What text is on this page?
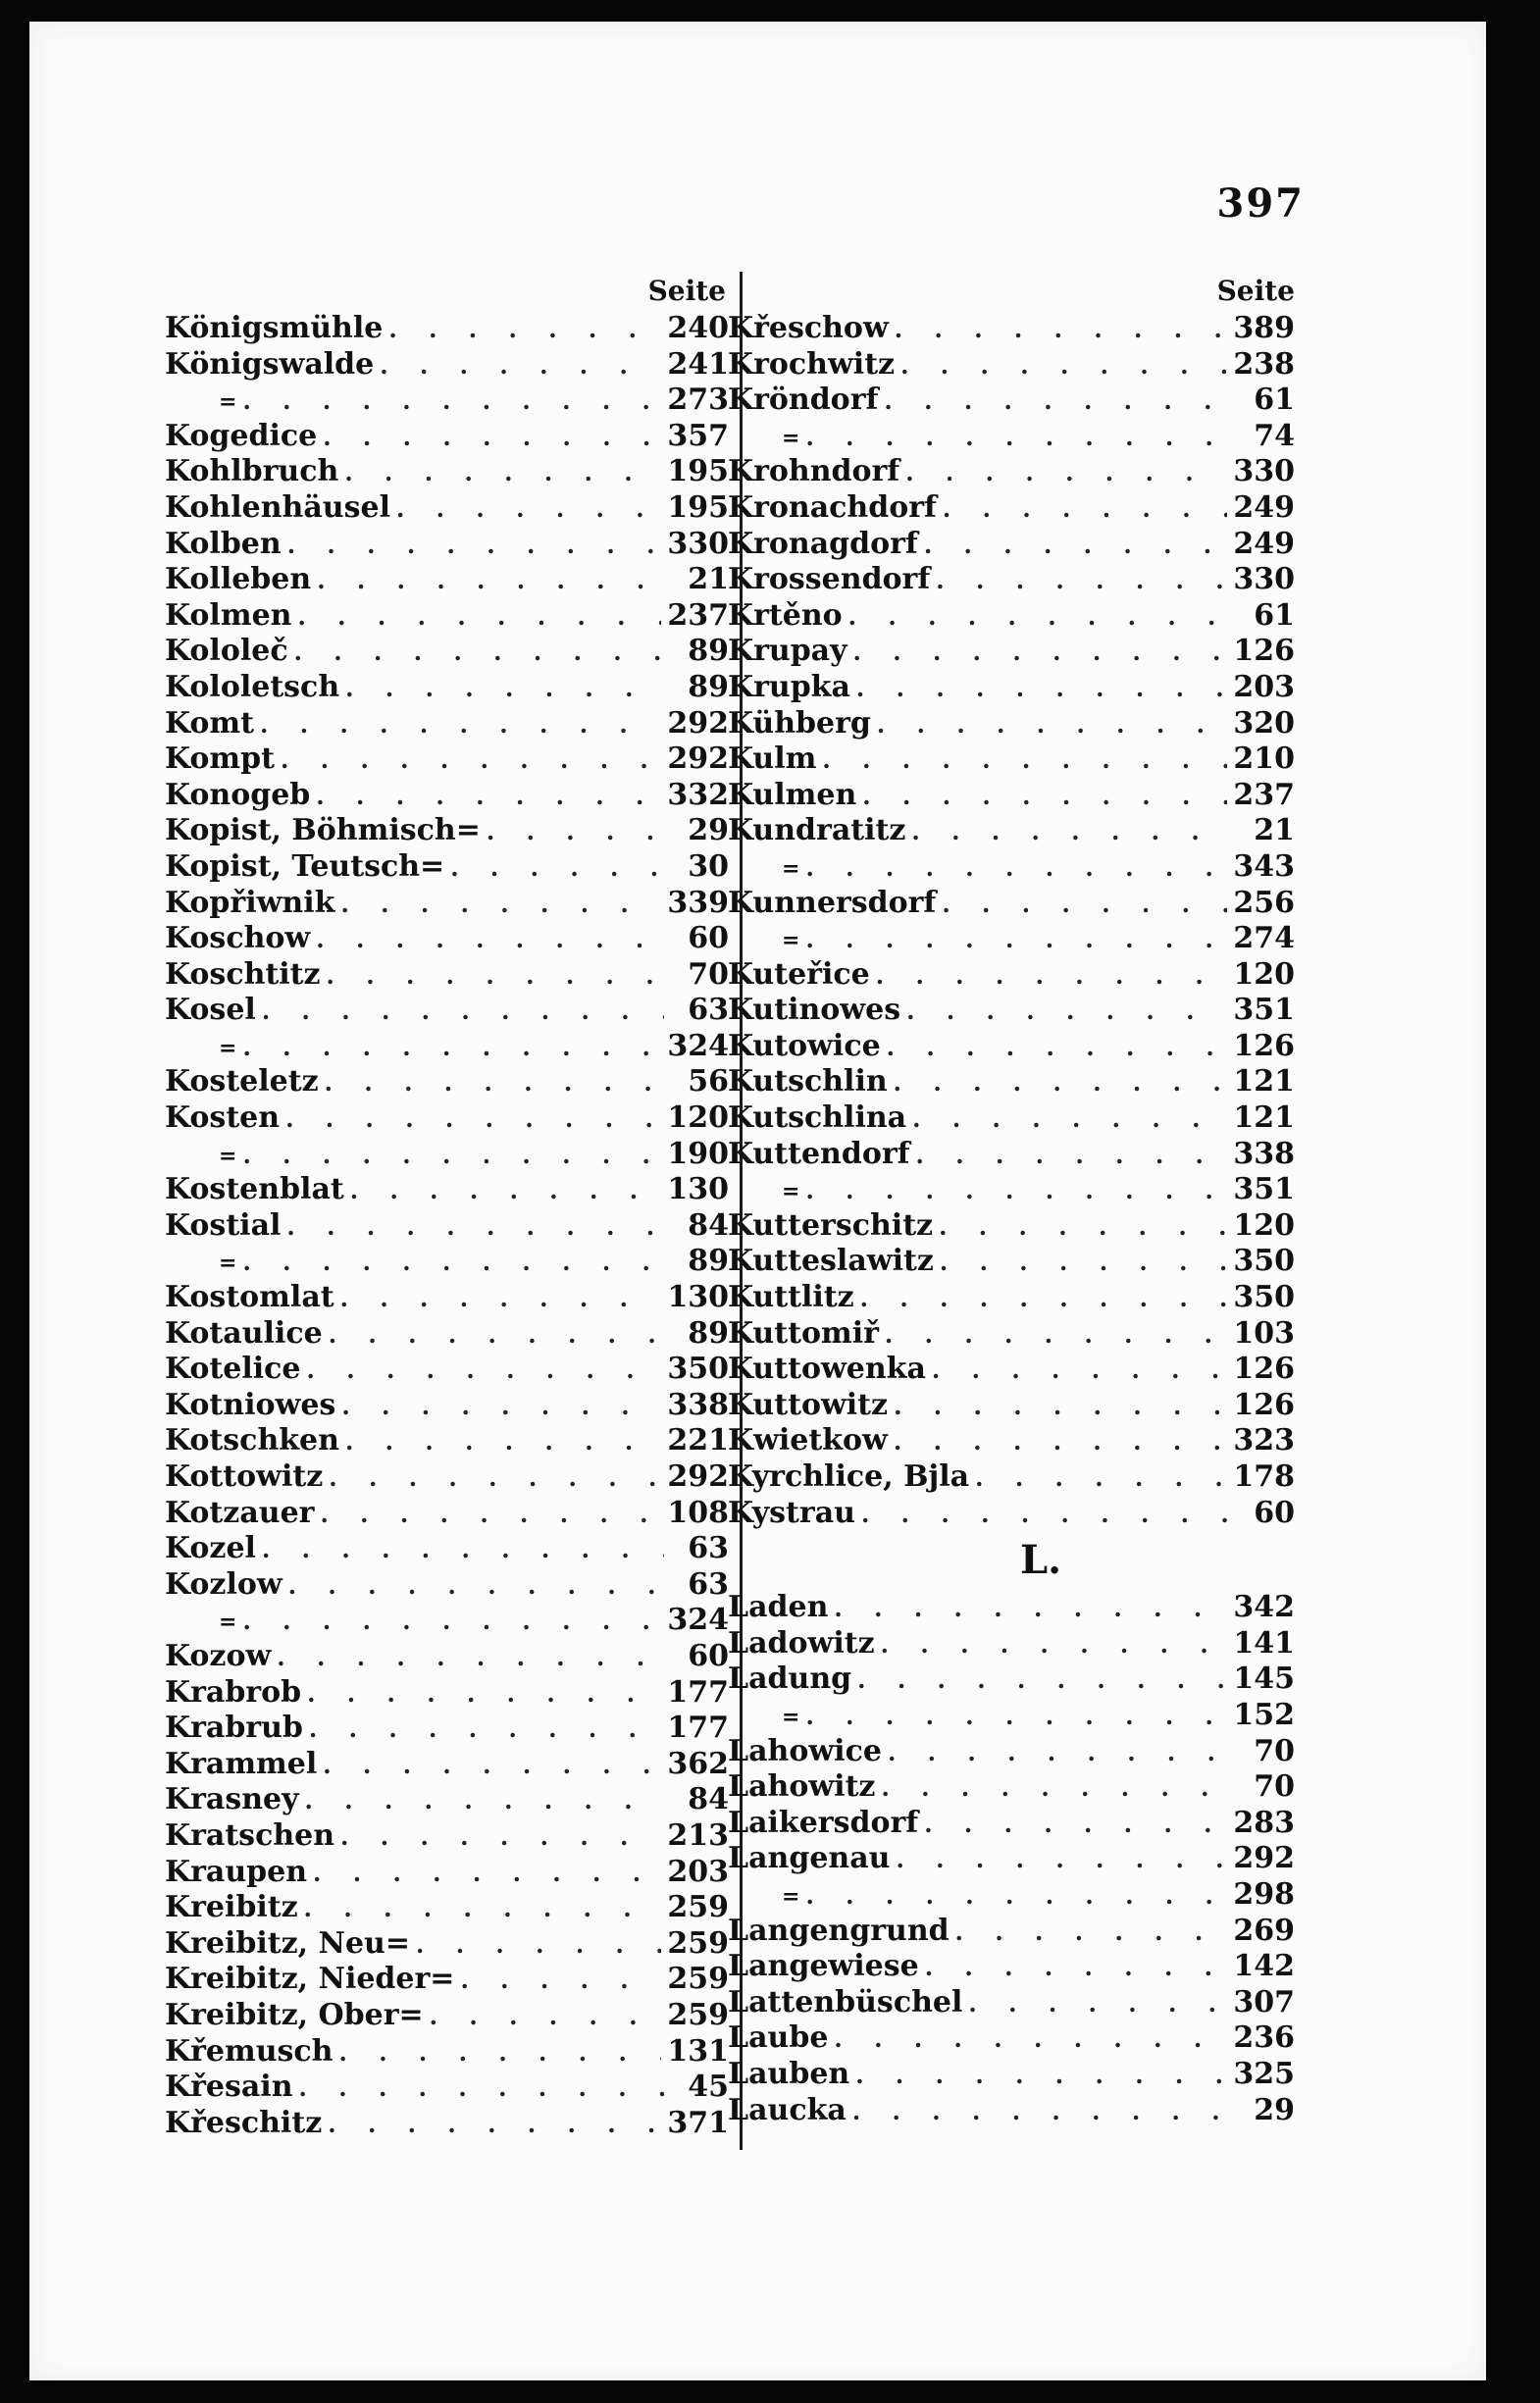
397
Seite	Seite
Königsmühle . . .	240
Königswalde . . .	241
= . . .	273
Kogedice . . .	357
Kohlbruch . . .	195
Kohlenhäusel . . .	195
Kolben . . .	330
Kolleben . . .	21
Kolmen . . .	237
Kololeč . . .	89
Kololetsch . . .	89
Komt . . .	292
Kompt . . .	292
Konogeb . . .	332
Kopist, Böhmisch= . . .	29
Kopist, Teutsch= . . .	30
Kopřiwnik . . .	339
Koschow . . .	60
Koschtitz . . .	70
Kosel . . .	63
= . . .	324
Kosteletz . . .	56
Kosten . . .	120
= . . .	190
Kostenblat . . .	130
Kostial . . .	84
= . . .	89
Kostomlat . . .	130
Kotaulice . . .	89
Kotelice . . .	350
Kotniowes . . .	338
Kotschken . . .	221
Kottowitz . . .	292
Kotzauer . . .	108
Kozel . . .	63
Kozlow . . .	63
= . . .	324
Kozow . . .	60
Krabrob . . .	177
Krabrub . . .	177
Krammel . . .	362
Krasney . . .	84
Kratschen . . .	213
Kraupen . . .	203
Kreibitz . . .	259
Kreibitz, Neu= . . .	259
Kreibitz, Nieder= . . .	259
Kreibitz, Ober= . . .	259
Křemusch . . .	131
Křesain . . .	45
Křeschitz . . .	371
Křeschow . . .	389
Krochwitz . . .	238
Kröndorf . . .	61
= . . .	74
Krohndorf . . .	330
Kronachdorf . . .	249
Kronagdorf . . .	249
Krossendorf . . .	330
Krtěno . . .	61
Krupay . . .	126
Krupka . . .	203
Kühberg . . .	320
Kulm . . .	210
Kulmen . . .	237
Kundratitz . . .	21
= . . .	343
Kunnersdorf . . .	256
= . . .	274
Kuteřice . . .	120
Kutinowes . . .	351
Kutowice . . .	126
Kutschlin . . .	121
Kutschlina . . .	121
Kuttendorf . . .	338
= . . .	351
Kutterschitz . . .	120
Kutteslawitz . . .	350
Kuttlitz . . .	350
Kuttomiř . . .	103
Kuttowenka . . .	126
Kuttowitz . . .	126
Kwietkow . . .	323
Kyrchlice, Bjla . . .	178
Kystrau . . .	60
L.
Laden . . .	342
Ladowitz . . .	141
Ladung . . .	145
= . . .	152
Lahowice . . .	70
Lahowitz . . .	70
Laikersdorf . . .	283
Langenau . . .	292
= . . .	298
Langengrund . . .	269
Langewiese . . .	142
Lattenbüschel . . .	307
Laube . . .	236
Lauben . . .	325
Laucka . . .	29
